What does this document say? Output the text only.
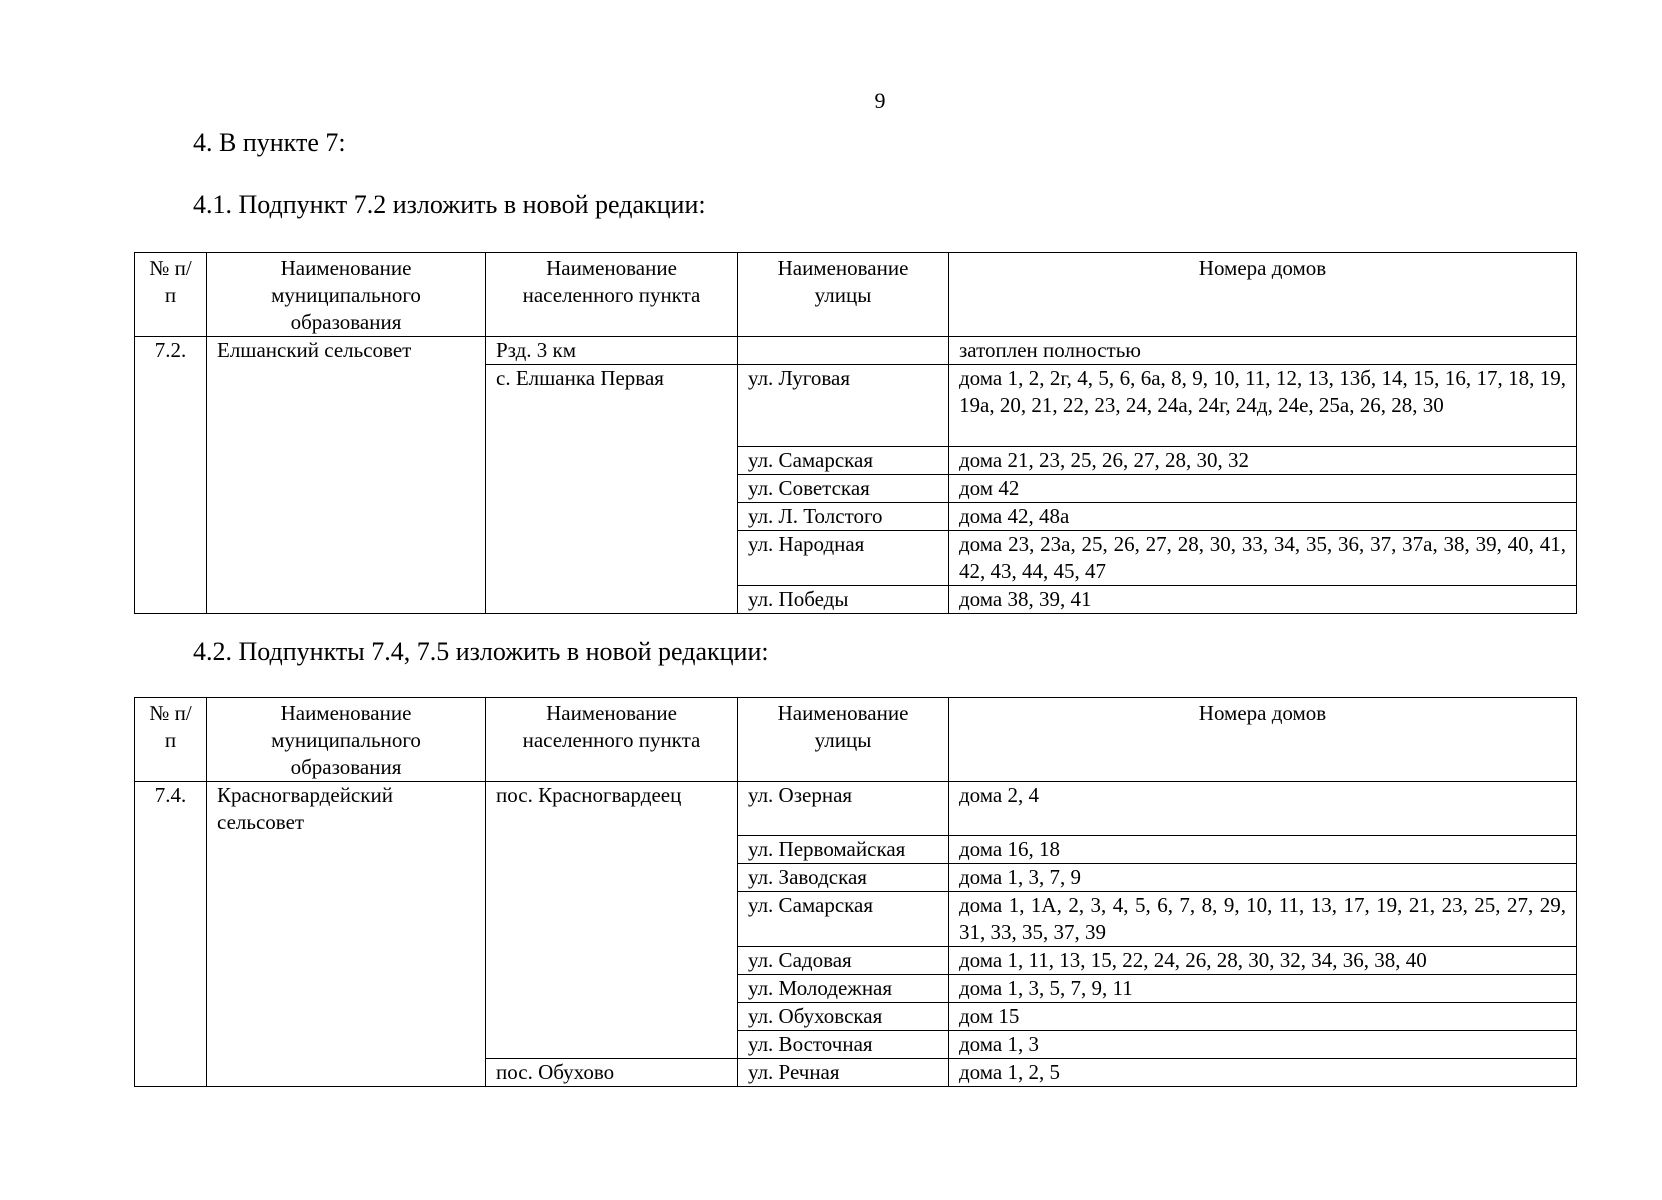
9
4. В пункте 7:
4.1. Подпункт 7.2 изложить в новой редакции:
№ п/п	Наименование муниципального образования	Наименование населенного пункта	Наименование улицы	Номера домов
7.2.	Елшанский сельсовет	Рзд. 3 км		затоплен полностью
		с. Елшанка Первая	ул. Луговая	дома 1, 2, 2г, 4, 5, 6, 6а, 8, 9, 10, 11, 12, 13, 13б, 14, 15, 16, 17, 18, 19, 19а, 20, 21, 22, 23, 24, 24а, 24г, 24д, 24е, 25а, 26, 28, 30
			ул. Самарская	дома 21, 23, 25, 26, 27, 28, 30, 32
			ул. Советская	дом 42
			ул. Л. Толстого	дома 42, 48а
			ул. Народная	дома 23, 23а, 25, 26, 27, 28, 30, 33, 34, 35, 36, 37, 37а, 38, 39, 40, 41, 42, 43, 44, 45, 47
			ул. Победы	дома 38, 39, 41
4.2. Подпункты 7.4, 7.5 изложить в новой редакции:
№ п/п	Наименование муниципального образования	Наименование населенного пункта	Наименование улицы	Номера домов
7.4.	Красногвардейский сельсовет	пос. Красногвардеец	ул. Озерная	дома 2, 4
			ул. Первомайская	дома 16, 18
			ул. Заводская	дома 1, 3, 7, 9
			ул. Самарская	дома 1, 1А, 2, 3, 4, 5, 6, 7, 8, 9, 10, 11, 13, 17, 19, 21, 23, 25, 27, 29, 31, 33, 35, 37, 39
			ул. Садовая	дома 1, 11, 13, 15, 22, 24, 26, 28, 30, 32, 34, 36, 38, 40
			ул. Молодежная	дома 1, 3, 5, 7, 9, 11
			ул. Обуховская	дом 15
			ул. Восточная	дома 1, 3
		пос. Обухово	ул. Речная	дома 1, 2, 5
